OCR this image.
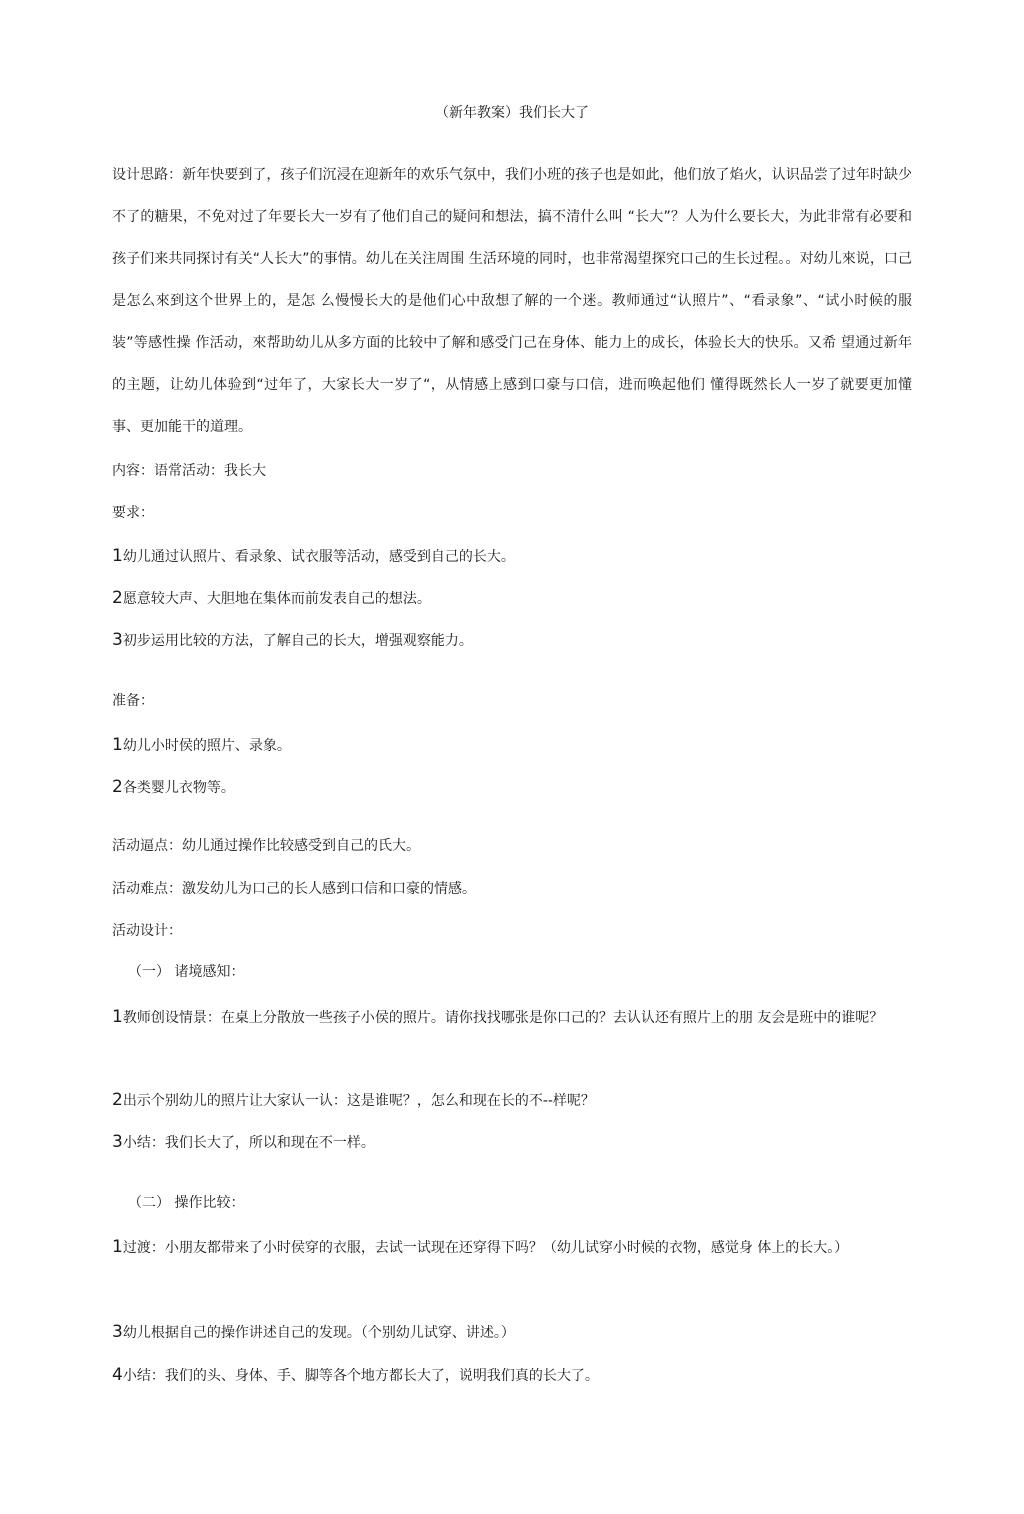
（新年教案）我们长大了
设计思路：新年快要到了，孩子们沉浸在迎新年的欢乐气氛中，我们小班的孩子也是如此，他们放了焰火，认识品尝了过年时缺少不了的糖果，不免对过了年要长大一岁有了他们自己的疑问和想法，搞不清什么叫 “长大”？人为什么要长大，为此非常有必要和孩子们来共同探讨有关“人长大”的事情。幼儿在关注周围 生活环境的同时，也非常渴望探究口己的生长过程。。对幼儿來说，口己是怎么來到这个世界上的，是怎 么慢慢长大的是他们心中敌想了解的一个迷。教师通过“认照片”、“看录象”、“试小时候的服装”等感性操 作活动，來帮助幼儿从多方面的比较中了解和感受门己在身体、能力上的成长，体验长大的快乐。又希 望通过新年的主题，让幼儿体验到“过年了，大家长大一岁了“，从情感上感到口豪与口信，进而唤起他们 懂得既然长人一岁了就要更加懂事、更加能干的道理。
内容：语常活动：我长大
要求：
1幼儿通过认照片、看录象、试衣服等活动，感受到自己的长大。
2愿意较大声、大胆地在集体而前发表自己的想法。
3初步运用比较的方法，了解自己的长大，增强观察能力。
准备：
1幼儿小时侯的照片、录象。
2各类婴儿衣物等。
活动逼点：幼儿通过操作比较感受到自己的氏大。
活动难点：激发幼儿为口己的长人感到口信和口豪的情感。
活动设计：
（一） 诸境感知：
1教师创设情景：在桌上分散放一些孩子小侯的照片。请你找找哪张是你口己的？去认认还有照片上的朋 友会是班中的谁呢？
2出示个别幼儿的照片让大家认一认：这是谁呢？，怎么和现在长的不--样呢？
3小结：我们长大了，所以和现在不一样。
（二） 操作比较：
1过渡：小朋友都带来了小时侯穿的衣服，去试一试现在还穿得下吗？（幼儿试穿小时候的衣物，感觉身 体上的长大。）
3幼儿根据自己的操作讲述自己的发现。（个别幼儿试穿、讲述。）
4小结：我们的头、身体、手、脚等各个地方都长大了，说明我们真的长大了。
